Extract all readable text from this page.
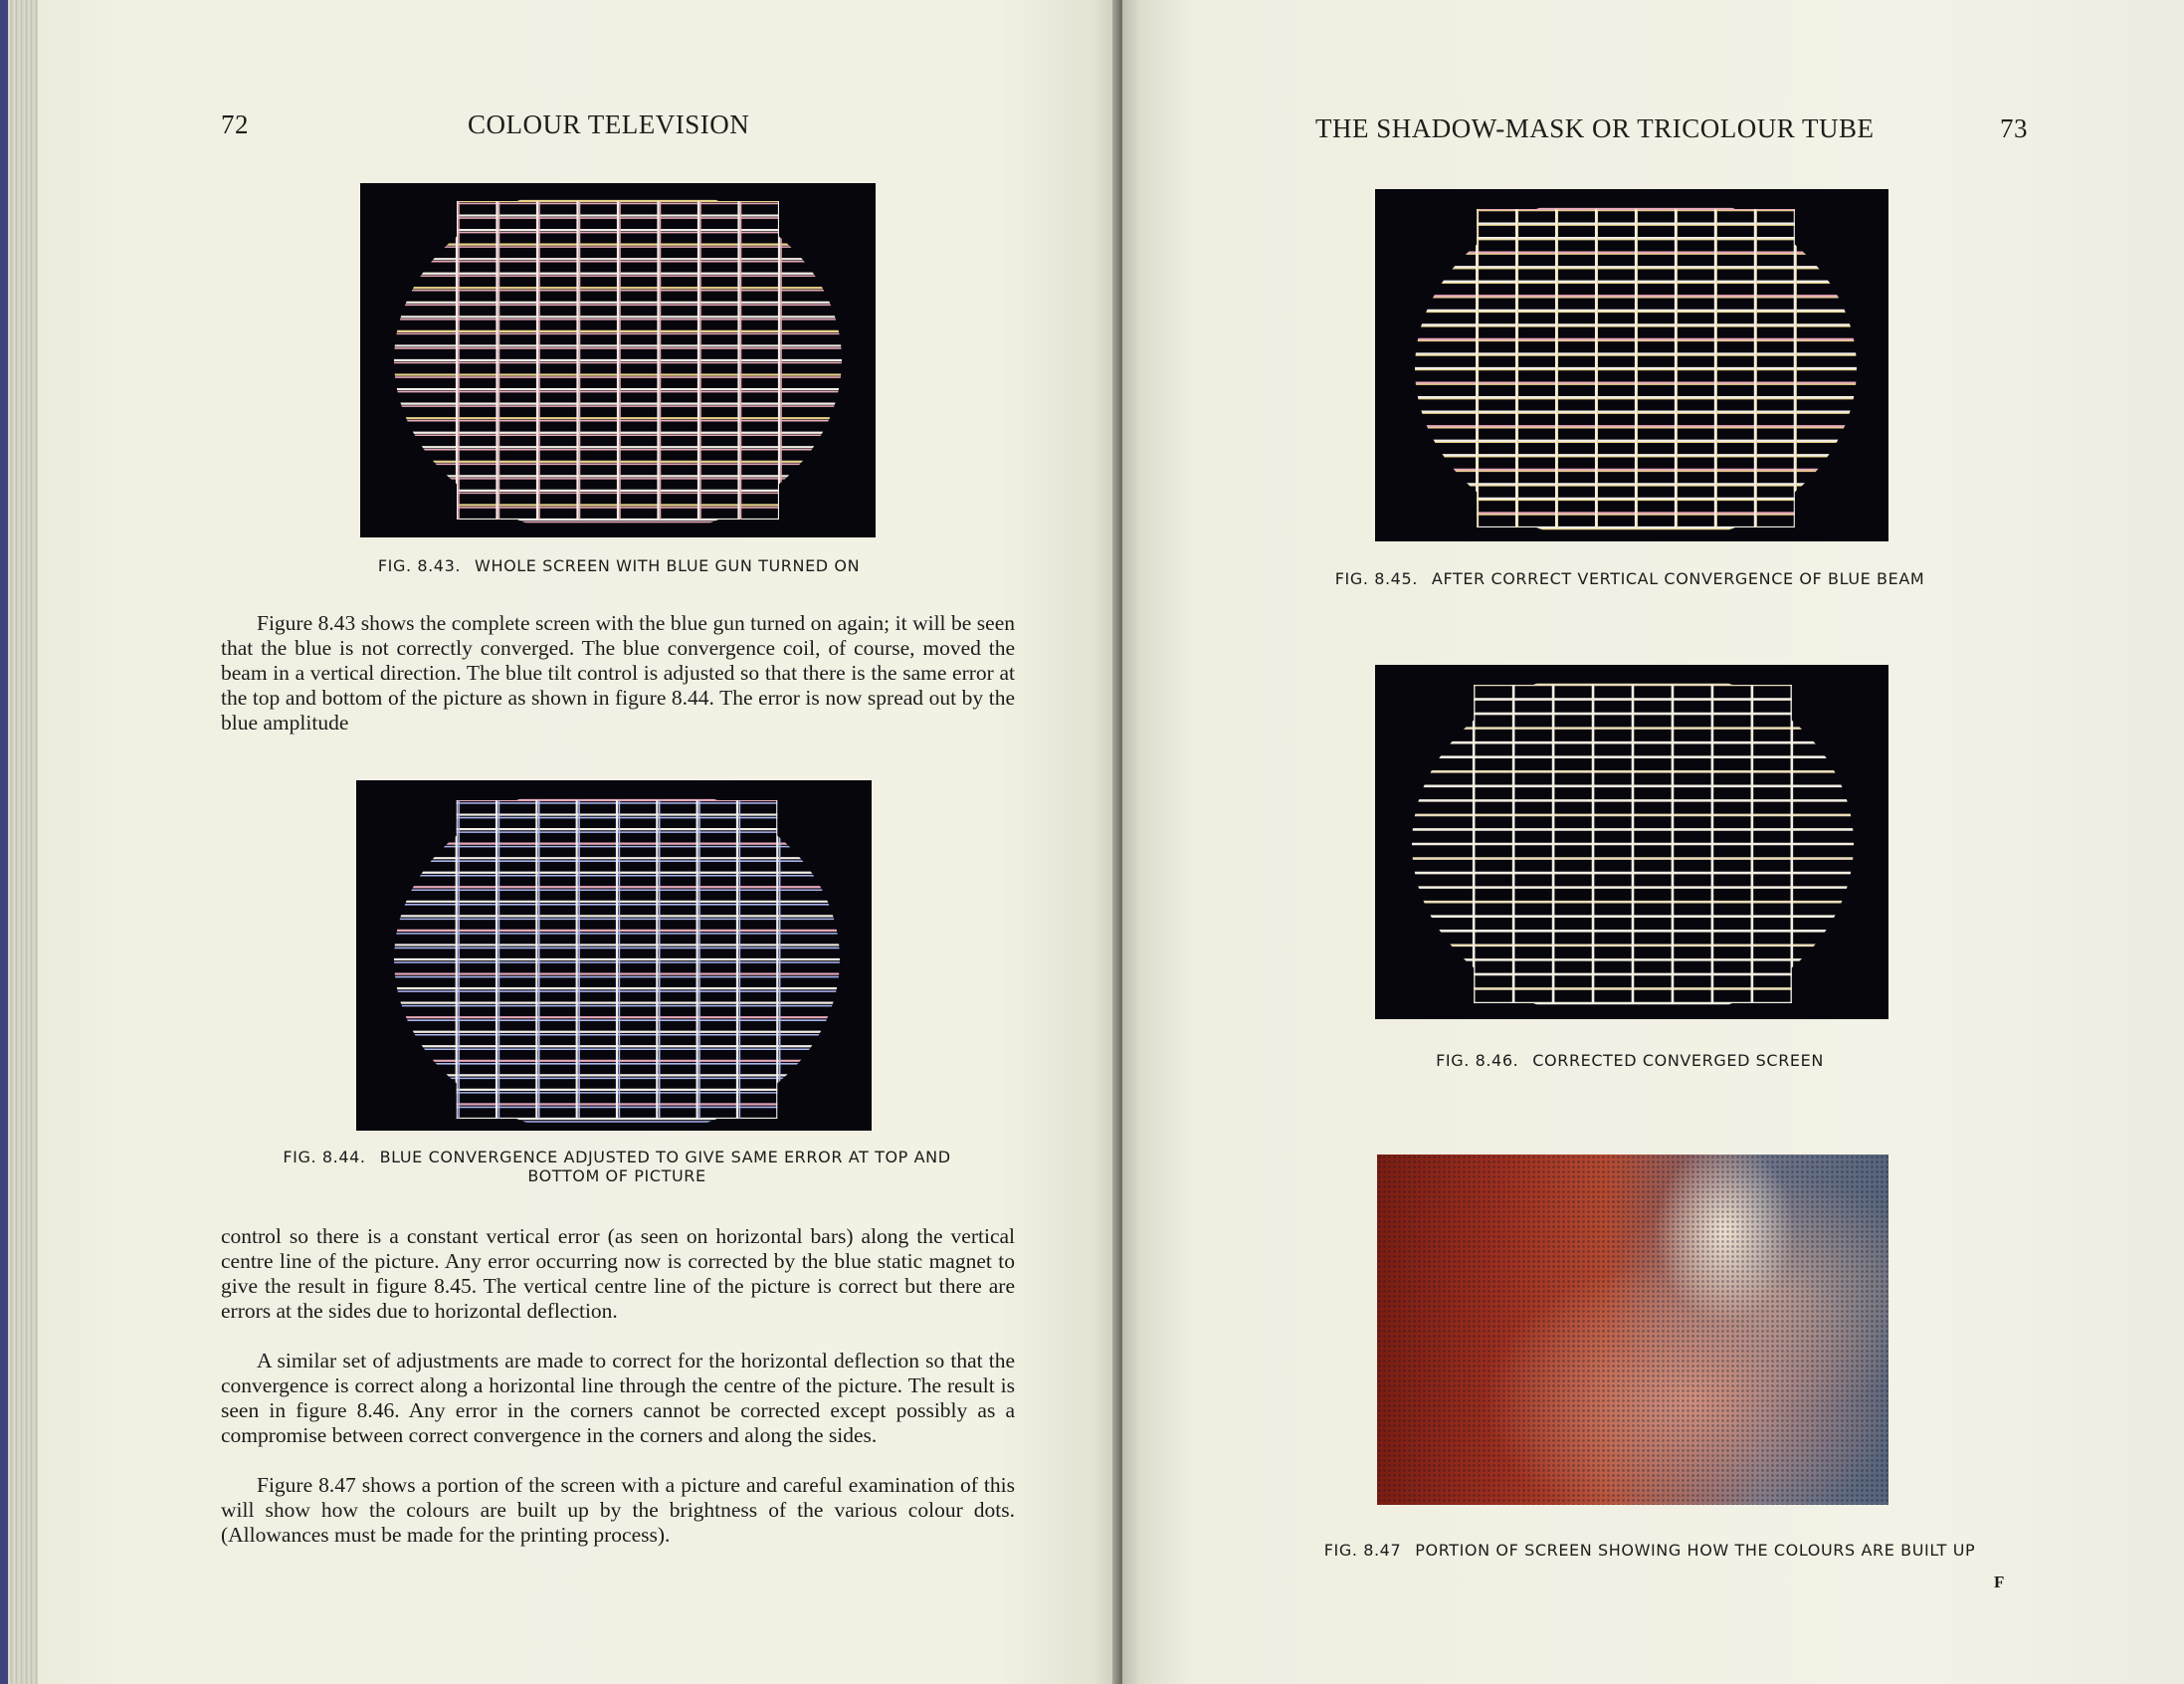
72	COLOUR TELEVISION
FIG. 8.43. WHOLE SCREEN WITH BLUE GUN TURNED ON

Figure 8.43 shows the complete screen with the blue gun turned on again; it will be seen that the blue is not correctly converged. The blue convergence coil, of course, moved the beam in a vertical direction. The blue tilt control is adjusted so that there is the same error at the top and bottom of the picture as shown in figure 8.44. The error is now spread out by the blue amplitude

FIG. 8.44. BLUE CONVERGENCE ADJUSTED TO GIVE SAME ERROR AT TOP AND
BOTTOM OF PICTURE

control so there is a constant vertical error (as seen on horizontal bars) along the vertical centre line of the picture. Any error occurring now is corrected by the blue static magnet to give the result in figure 8.45. The vertical centre line of the picture is correct but there are errors at the sides due to horizontal deflection.

A similar set of adjustments are made to correct for the horizontal deflection so that the convergence is correct along a horizontal line through the centre of the picture. The result is seen in figure 8.46. Any error in the corners cannot be corrected except possibly as a compromise between correct convergence in the corners and along the sides.

Figure 8.47 shows a portion of the screen with a picture and careful examination of this will show how the colours are built up by the brightness of the various colour dots. (Allowances must be made for the printing process).

THE SHADOW-MASK OR TRICOLOUR TUBE	73
FIG. 8.45. AFTER CORRECT VERTICAL CONVERGENCE OF BLUE BEAM
FIG. 8.46. CORRECTED CONVERGED SCREEN
FIG. 8.47 PORTION OF SCREEN SHOWING HOW THE COLOURS ARE BUILT UP
F
